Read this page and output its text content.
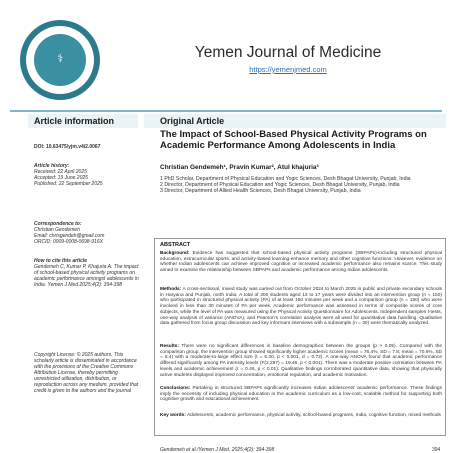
⚕	Yemen Journal of Medicine
https://yemenjmed.com
Article information	Original Article
DOI: 10.63475/yjm.v4i2.0067
Article history:
Received: 22 April 2025
Accepted: 19 June 2025
Published: 22 September 2025
Correspondence to:
Christian Gendemeh
Email: chrisgendeh@gmail.com
ORCID: 0009-0008-0698-916X
How to cite this article
Gendemeh C, Kumar P, Khajuria A. The impact of school-based physical activity programs on academic performance amongst adolescents in India. Yemen J Med.2025;4(2): 394-398
Copyright License: © 2025 authors. This scholarly article is disseminated in accordance with the provisions of the Creative Commons Attribution License, thereby permitting unrestricted utilization, distribution, or reproduction across any medium, provided that credit is given to the authors and the journal
The Impact of School-Based Physical Activity Programs on Academic Performance Among Adolescents in India
Christian Gendemeh¹, Pravin Kumar², Atul khajuria³
1 PhD Scholar, Department of Physical Education and Yogic Sciences, Desh Bhagat University, Punjab, India
2 Director, Department of Physical Education and Yogic Sciences, Desh Bhagat University, Punjab, India
3 Director, Department of Allied Health Sciences, Desh Bhagat University, Punjab, India
ABSTRACT
Background: Evidence has suggested that school-based physical activity programs (SBPAPs)-including structured physical education, extracurricular sports, and activity-based learning-enhance memory and other cognitive functions. However, evidence on whether Indian adolescents can achieve improved cognition or increased academic performance also remains scarce. This study aimed to examine the relationship between SBPAPs and academic performance among Indian adolescents.
Methods: A cross-sectional, mixed study was carried out from October 2024 to March 2025 in public and private secondary schools in Haryana and Punjab, north India. A total of 300 students aged 13 to 17 years were divided into an intervention group (n = 150) who participated in structured physical activity (PA) of at least 150 minutes per week and a comparison group (n = 150) who were involved in less than 30 minutes of PA per week. Academic performance was assessed in terms of composite scores of core subjects, while the level of PA was measured using the Physical Activity Questionnaire for Adolescents. Independent samples t-tests, one-way analysis of variance (ANOVA), and Pearson's correlation analysis were all used for quantitative data handling. Qualitative data gathered from focus group discussion and key informant interviews with a subsample (n = 30) were thematically analyzed.
Results: There were no significant differences in baseline demographics between the groups (p > 0.05). Compared with the comparison group, the intervention group showed significantly higher academic scores (mean = 76.4%, SD = 7.8; mean = 70.6%, SD = 8.4) with a moderate-to-large effect size (t = 6.30, p < 0.001, d = 0.72). A one-way ANOVA found that academic performance differed significantly among PA intensity levels (F(2,297) = 19.46, p < 0.001). There was a moderate positive correlation between PA levels and academic achievement (r = 0.46, p < 0.01). Qualitative findings corroborated quantitative data, showing that physically active students displayed improved concentration, emotional regulation, and academic motivation.
Conclusions: Partaking in structured SBPAPs significantly increases Indian adolescents' academic performance. These findings imply the necessity of including physical education in the academic curriculum as a low-cost, scalable method for supporting both cognitive growth and educational achievement.
Key words: Adolescents, academic performance, physical activity, school-based programs, India, cognitive function, mixed methods
Gendemeh et al./Yemen J Med. 2025;4(2): 394-398	394
